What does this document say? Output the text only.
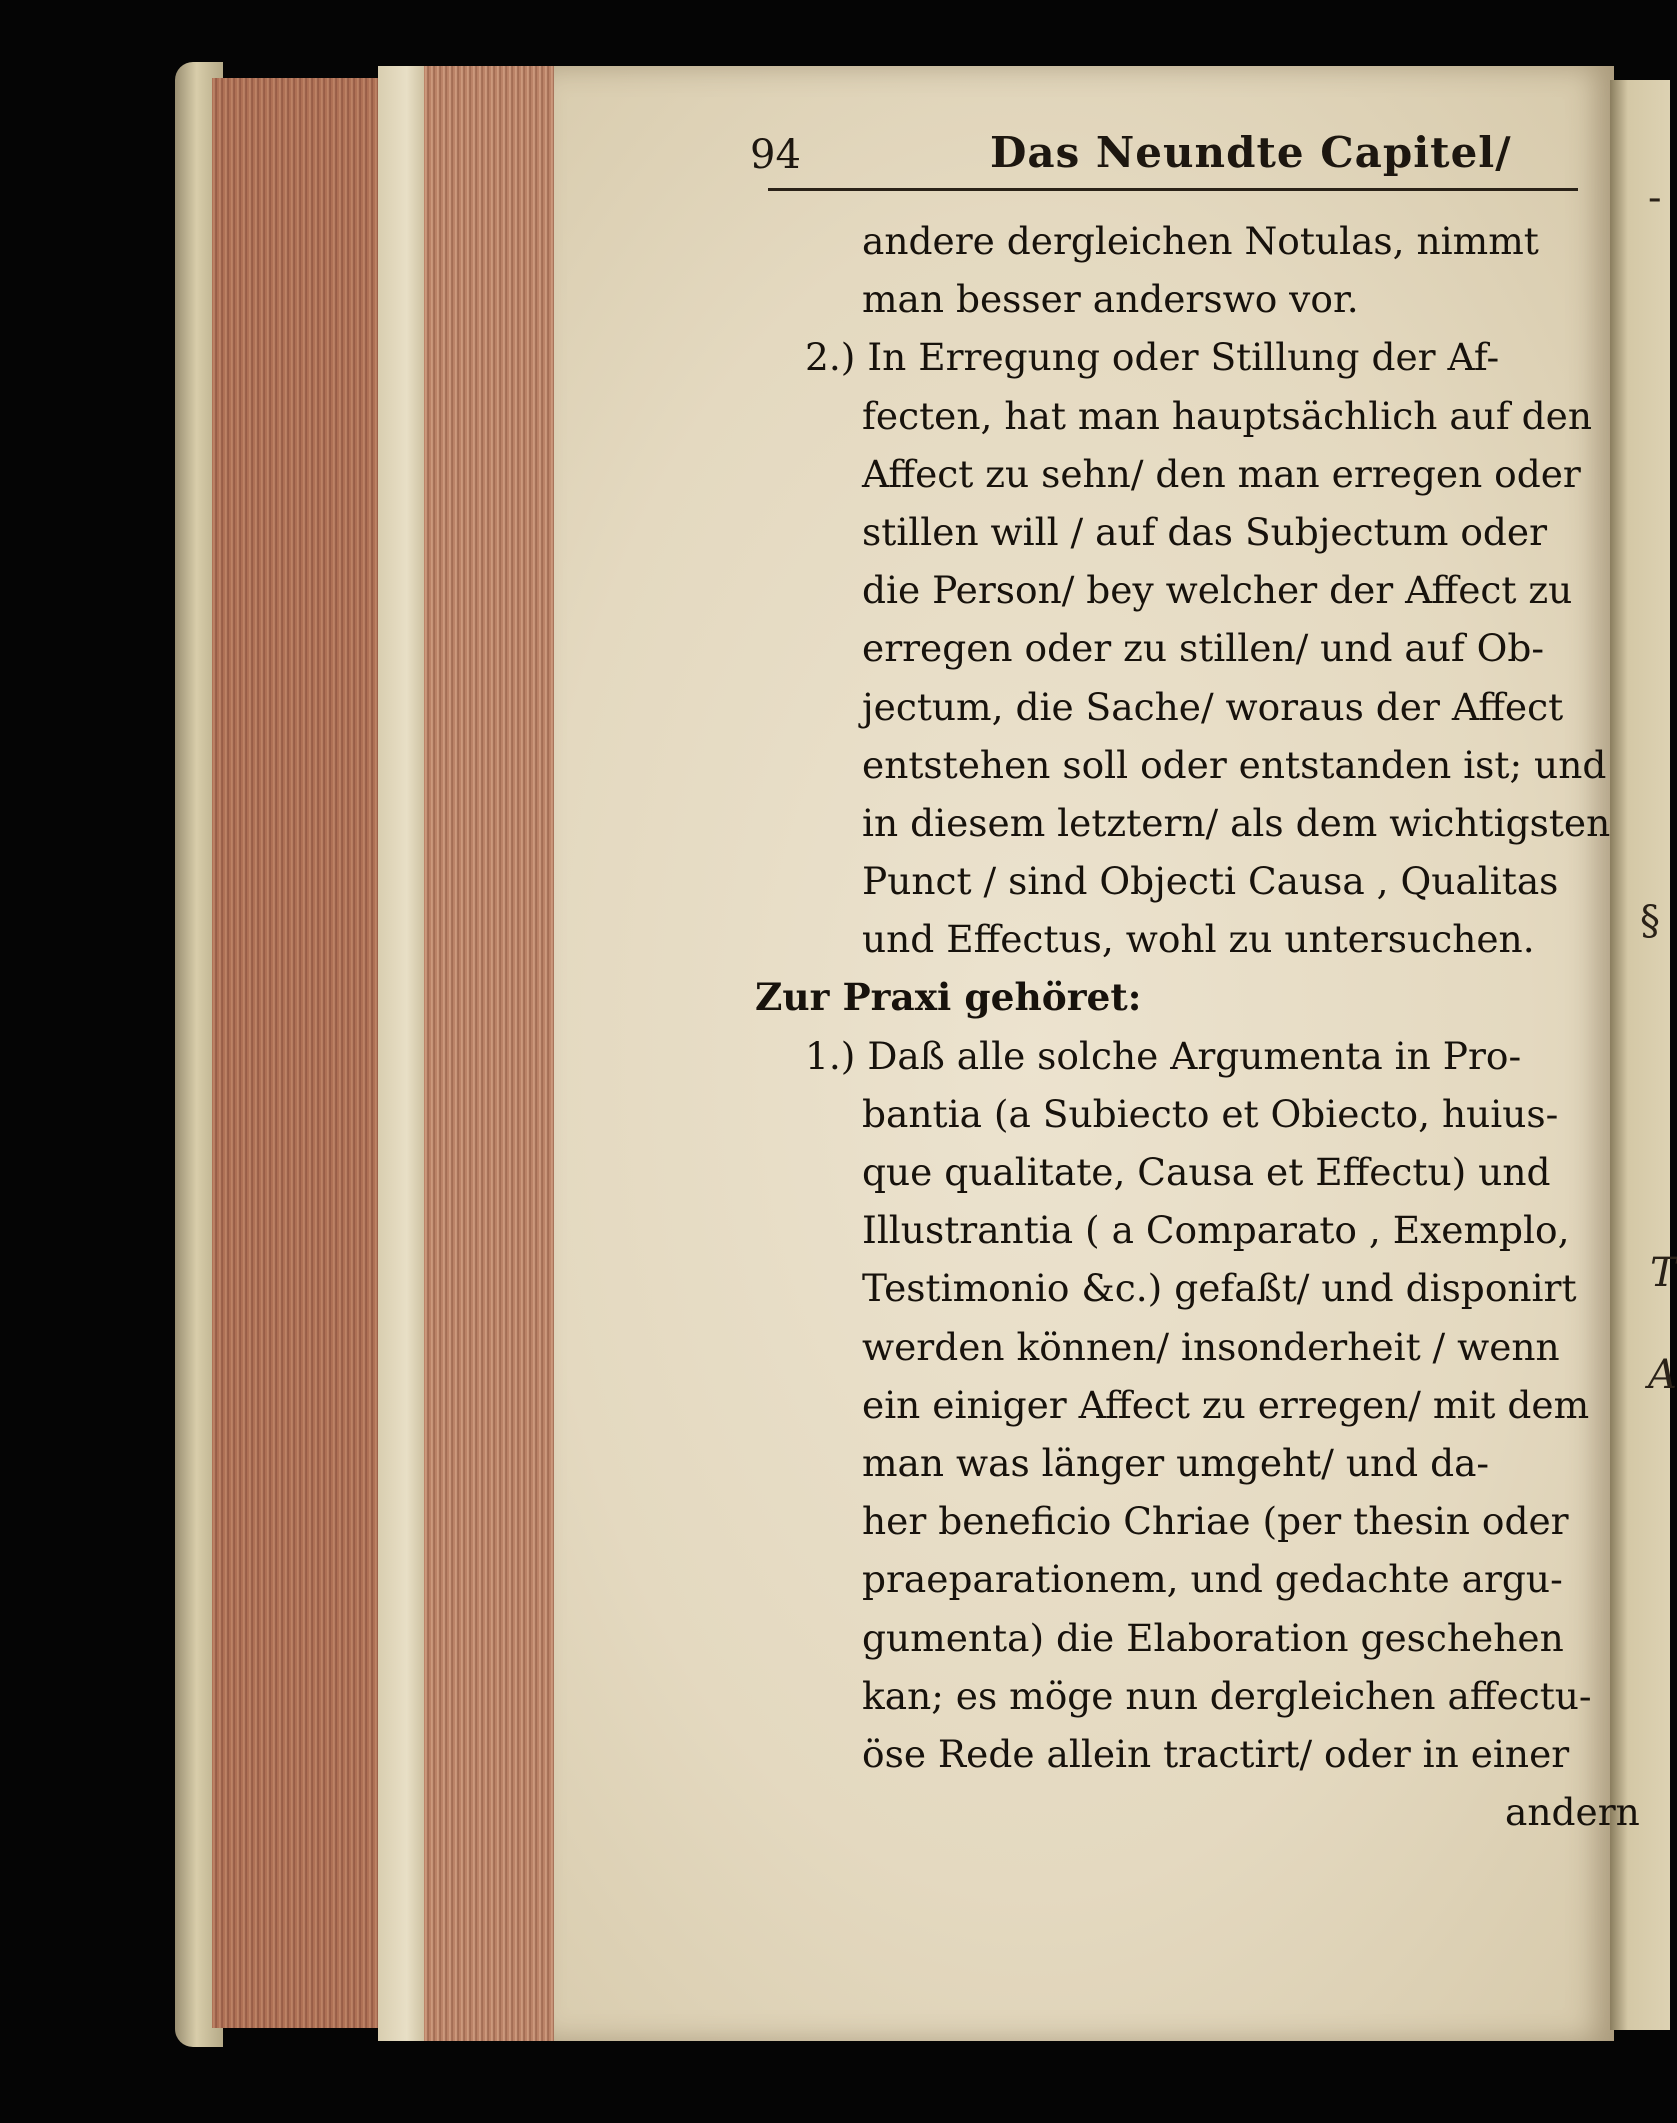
-
§
T
A
94	Das Neundte Capitel/
andere dergleichen Notulas, nimmt
man besser anderswo vor.
2.) In Erregung oder Stillung der Af-
fecten, hat man hauptsächlich auf den
Affect zu sehn/ den man erregen oder
stillen will / auf das Subjectum oder
die Person/ bey welcher der Affect zu
erregen oder zu stillen/ und auf Ob-
jectum, die Sache/ woraus der Affect
entstehen soll oder entstanden ist; und
in diesem letztern/ als dem wichtigsten
Punct / sind Objecti Causa , Qualitas
und Effectus, wohl zu untersuchen.
Zur Praxi gehöret:
1.) Daß alle solche Argumenta in Pro-
bantia (a Subiecto et Obiecto, huius-
que qualitate, Causa et Effectu) und
Illustrantia ( a Comparato , Exemplo,
Testimonio &c.) gefaßt/ und disponirt
werden können/ insonderheit / wenn
ein einiger Affect zu erregen/ mit dem
man was länger umgeht/ und da-
her beneficio Chriae (per thesin oder
praeparationem, und gedachte argu-
gumenta) die Elaboration geschehen
kan; es möge nun dergleichen affectu-
öse Rede allein tractirt/ oder in einer
andern
